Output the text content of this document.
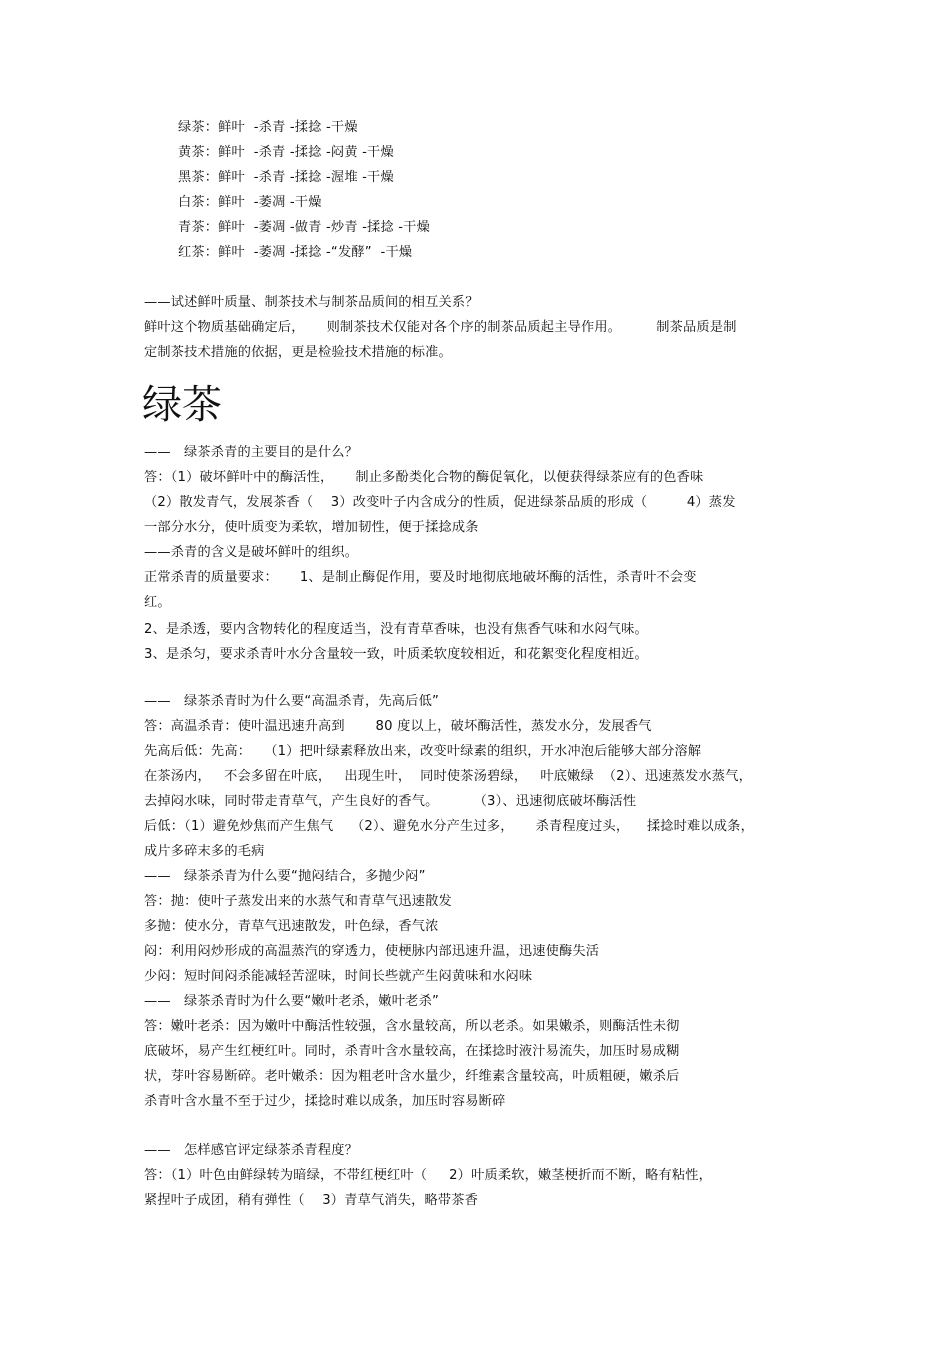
绿茶：鲜叶  -杀青 -揉捻 -干燥
黄茶：鲜叶  -杀青 -揉捻 -闷黄 -干燥
黑茶：鲜叶  -杀青 -揉捻 -渥堆 -干燥
白茶：鲜叶  -萎凋 -干燥
青茶：鲜叶  -萎凋 -做青 -炒青 -揉捻 -干燥
红茶：鲜叶  -萎凋 -揉捻 -“发酵”  -干燥
——试述鲜叶质量、制茶技术与制茶品质间的相互关系？
鲜叶这个物质基础确定后，     则制茶技术仅能对各个序的制茶品质起主导作用。        制茶品质是制
定制茶技术措施的依据，更是检验技术措施的标准。
绿茶
——   绿茶杀青的主要目的是什么？
答：（1）破坏鲜叶中的酶活性，     制止多酚类化合物的酶促氧化，以便获得绿茶应有的色香味
（2）散发青气，发展茶香（    3）改变叶子内含成分的性质，促进绿茶品质的形成（         4）蒸发
一部分水分，使叶质变为柔软，增加韧性，便于揉捻成条
——杀青的含义是破坏鲜叶的组织。
正常杀青的质量要求：     1、是制止酶促作用，要及时地彻底地破坏酶的活性，杀青叶不会变
红。
2、是杀透，要内含物转化的程度适当，没有青草香味，也没有焦香气味和水闷气味。
3、是杀匀，要求杀青叶水分含量较一致，叶质柔软度较相近，和花絮变化程度相近。
——   绿茶杀青时为什么要“高温杀青，先高后低”
答：高温杀青：使叶温迅速升高到       80 度以上，破坏酶活性，蒸发水分，发展香气
先高后低：先高：   （1）把叶绿素释放出来，改变叶绿素的组织，开水冲泡后能够大部分溶解
在茶汤内，   不会多留在叶底，   出现生叶，  同时使茶汤碧绿，   叶底嫩绿  （2）、迅速蒸发水蒸气，
去掉闷水味，同时带走青草气，产生良好的香气。        （3）、迅速彻底破坏酶活性
后低：（1）避免炒焦而产生焦气    （2）、避免水分产生过多，     杀青程度过头，    揉捻时难以成条，
成片多碎末多的毛病
——   绿茶杀青为什么要“抛闷结合，多抛少闷”
答：抛：使叶子蒸发出来的水蒸气和青草气迅速散发
多抛：使水分，青草气迅速散发，叶色绿，香气浓
闷：利用闷炒形成的高温蒸汽的穿透力，使梗脉内部迅速升温，迅速使酶失活
少闷：短时间闷杀能减轻苦涩味，时间长些就产生闷黄味和水闷味
——   绿茶杀青时为什么要“嫩叶老杀，嫩叶老杀”
答：嫩叶老杀：因为嫩叶中酶活性较强，含水量较高，所以老杀。如果嫩杀，则酶活性未彻
底破坏，易产生红梗红叶。同时，杀青叶含水量较高，在揉捻时液汁易流失，加压时易成糊
状，芽叶容易断碎。老叶嫩杀：因为粗老叶含水量少，纤维素含量较高，叶质粗硬，嫩杀后
杀青叶含水量不至于过少，揉捻时难以成条，加压时容易断碎
——   怎样感官评定绿茶杀青程度？
答：（1）叶色由鲜绿转为暗绿，不带红梗红叶（     2）叶质柔软，嫩茎梗折而不断，略有粘性，
紧捏叶子成团，稍有弹性（    3）青草气消失，略带茶香
